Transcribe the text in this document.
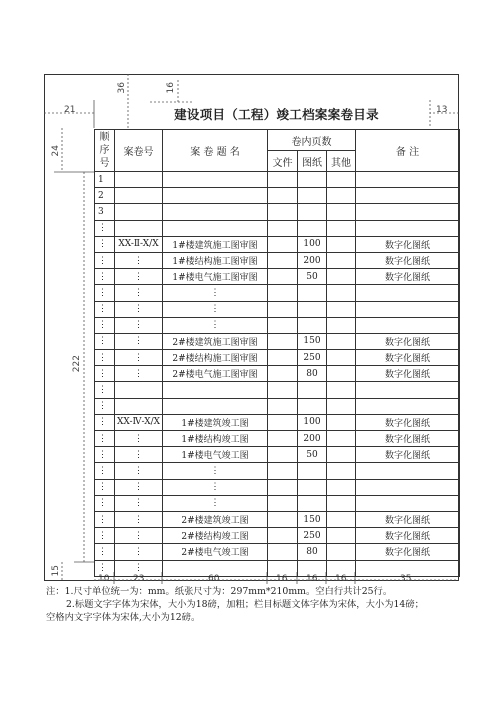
36	16
21	13
24
222
15
10	23	60	16 16 16	35
建设项目（工程）竣工档案案卷目录
顺序号	案卷号	案 卷 题 名	卷内页数			备 注
			文件	图纸	其他	
1						
2						
3						
⋮						
⋮	XX-Ⅱ-X/X	1#楼建筑施工图审图		100		数字化图纸
⋮	⋮	1#楼结构施工图审图		200		数字化图纸
⋮	⋮	1#楼电气施工图审图		50		数字化图纸
⋮	⋮	⋮				
⋮	⋮	⋮				
⋮	⋮	⋮				
⋮	⋮	2#楼建筑施工图审图		150		数字化图纸
⋮	⋮	2#楼结构施工图审图		250		数字化图纸
⋮	⋮	2#楼电气施工图审图		80		数字化图纸
⋮						
⋮						
⋮	XX-Ⅳ-X/X	1#楼建筑竣工图		100		数字化图纸
⋮	⋮	1#楼结构竣工图		200		数字化图纸
⋮	⋮	1#楼电气竣工图		50		数字化图纸
⋮	⋮	⋮				
⋮	⋮	⋮				
⋮	⋮	⋮				
⋮	⋮	2#楼建筑竣工图		150		数字化图纸
⋮	⋮	2#楼结构竣工图		250		数字化图纸
⋮	⋮	2#楼电气竣工图		80		数字化图纸
⋮	⋮					
注：1.尺寸单位统一为：mm。纸张尺寸为：297mm*210mm。空白行共计25行。
2.标题文字字体为宋体，大小为18磅，加粗；栏目标题文体字体为宋体，大小为14磅；
空格内文字字体为宋体,大小为12磅。
